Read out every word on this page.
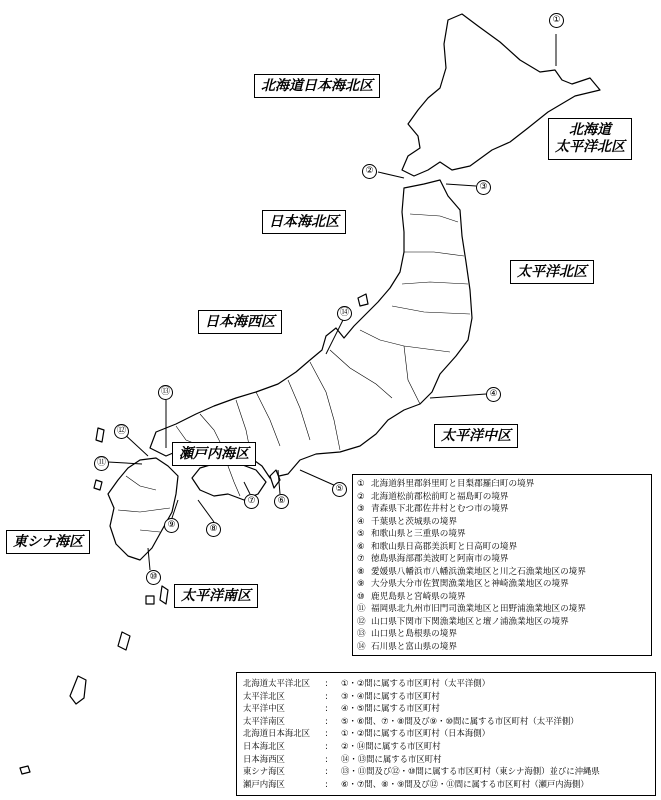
北海道日本海北区
北海道
太平洋北区
日本海北区
太平洋北区
日本海西区
瀬戸内海区
太平洋中区
東シナ海区
太平洋南区
①
②
③
④
⑤
⑥
⑦
⑧
⑨
⑩
⑪
⑫
⑬
⑭
① 北海道斜里郡斜里町と目梨郡羅臼町の境界
② 北海道松前郡松前町と福島町の境界
③ 青森県下北郡佐井村とむつ市の境界
④ 千葉県と茨城県の境界
⑤ 和歌山県と三重県の境界
⑥ 和歌山県日高郡美浜町と日高町の境界
⑦ 徳島県海部郡美波町と阿南市の境界
⑧ 愛媛県八幡浜市八幡浜漁業地区と川之石漁業地区の境界
⑨ 大分県大分市佐賀関漁業地区と神崎漁業地区の境界
⑩ 鹿児島県と宮崎県の境界
⑪ 福岡県北九州市旧門司漁業地区と田野浦漁業地区の境界
⑫ 山口県下関市下関漁業地区と壇ノ浦漁業地区の境界
⑬ 山口県と島根県の境界
⑭ 石川県と富山県の境界
北海道太平洋北区	:	①・②間に属する市区町村（太平洋側）
太平洋北区	:	③・④間に属する市区町村
太平洋中区	:	④・⑤間に属する市区町村
太平洋南区	:	⑤・⑥間、⑦・⑧間及び⑨・⑩間に属する市区町村（太平洋側）
北海道日本海北区	:	①・②間に属する市区町村（日本海側）
日本海北区	:	②・⑭間に属する市区町村
日本海西区	:	⑭・⑬間に属する市区町村
東シナ海区	:	⑬・⑪間及び⑫・⑩間に属する市区町村（東シナ海側）並びに沖縄県
瀬戸内海区	:	⑥・⑦間、⑧・⑨間及び⑫・⑪間に属する市区町村（瀬戸内海側）
